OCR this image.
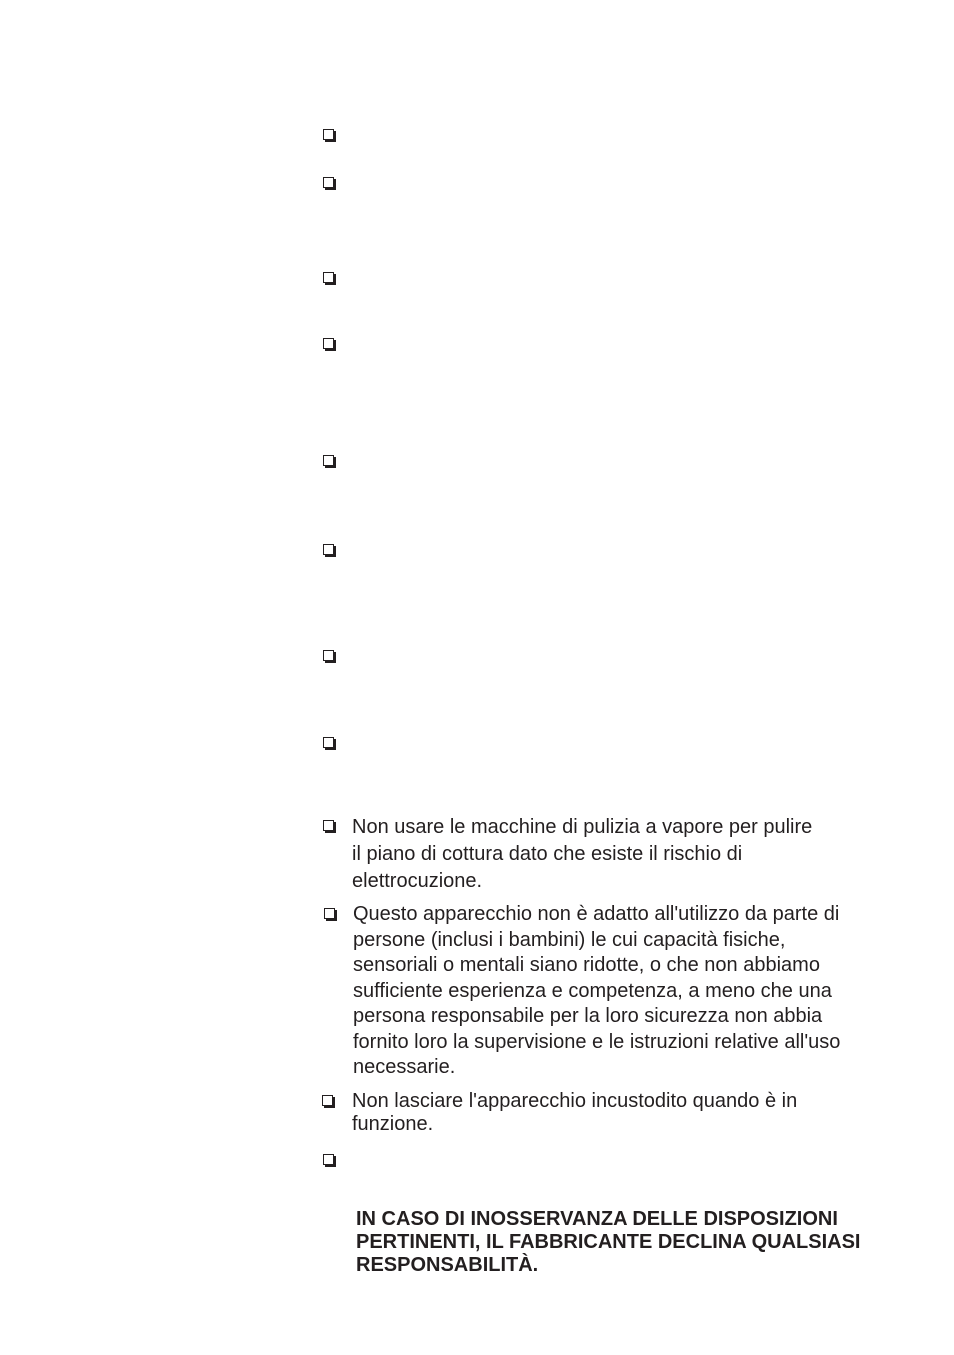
Non usare le macchine di pulizia a vapore per pulire
il piano di cottura dato che esiste il rischio di
elettrocuzione.
Questo apparecchio non è adatto all'utilizzo da parte di
persone (inclusi i bambini) le cui capacità fisiche,
sensoriali o mentali siano ridotte, o che non abbiamo
sufficiente esperienza e competenza, a meno che una
persona responsabile per la loro sicurezza non abbia
fornito loro la supervisione e le istruzioni relative all'uso
necessarie.
Non lasciare l'apparecchio incustodito quando è in
funzione.
IN CASO DI INOSSERVANZA DELLE DISPOSIZIONI
PERTINENTI, IL FABBRICANTE DECLINA QUALSIASI
RESPONSABILITÀ.
